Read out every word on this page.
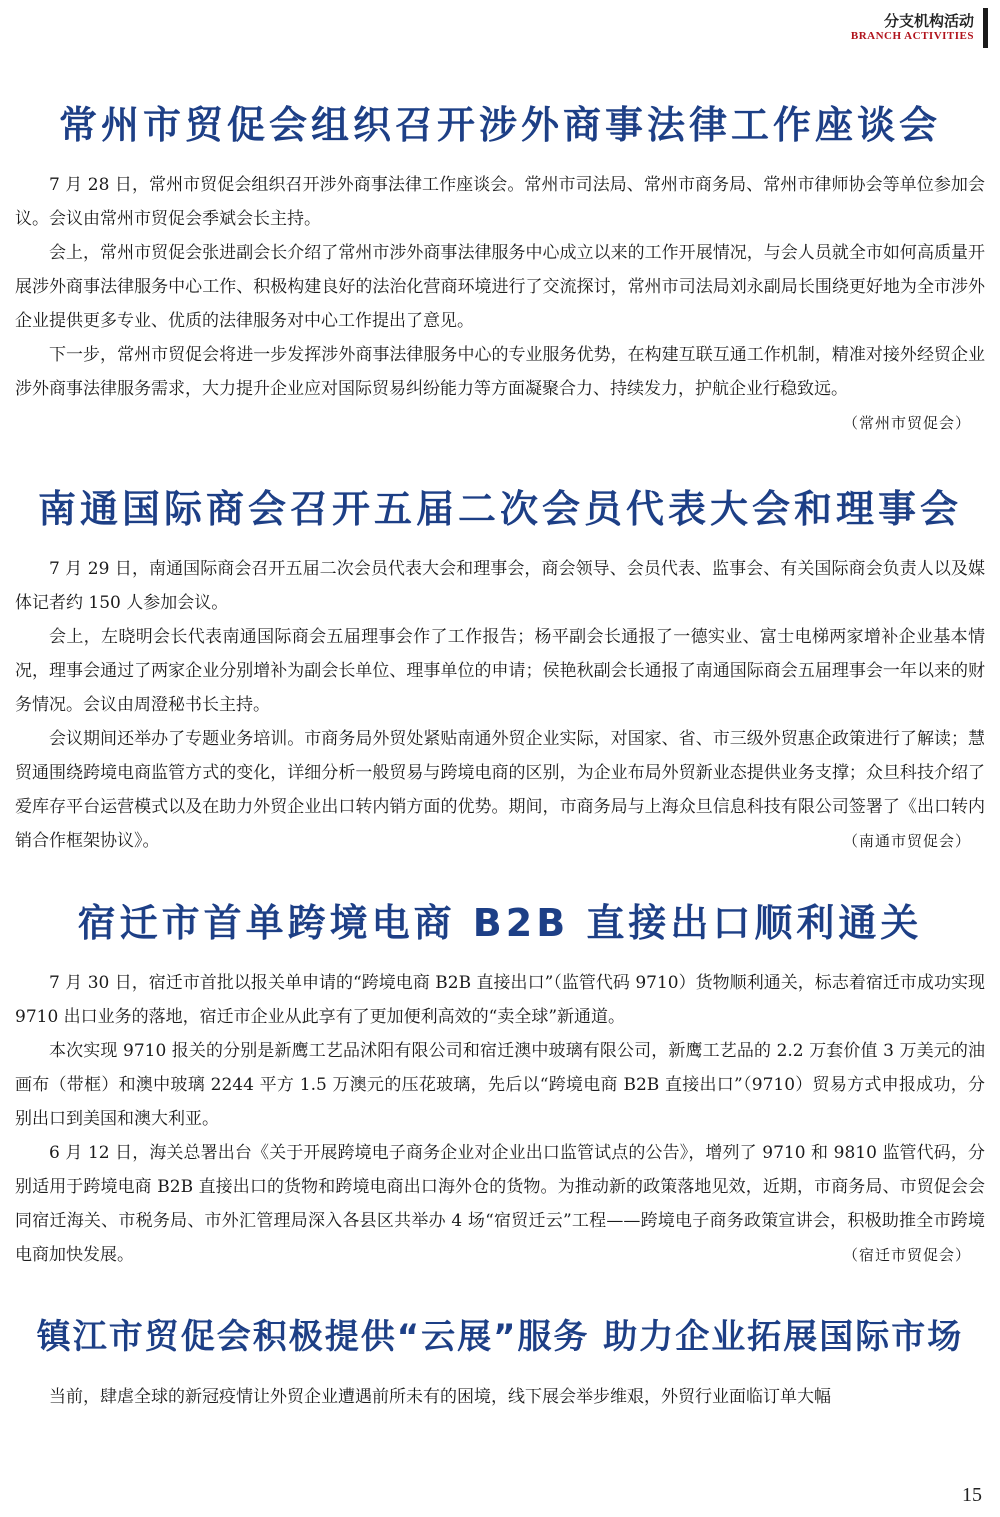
分支机构活动
BRANCH ACTIVITIES
常州市贸促会组织召开涉外商事法律工作座谈会

7 月 28 日，常州市贸促会组织召开涉外商事法律工作座谈会。常州市司法局、常州市商务局、常州市律师协会等单位参加会议。会议由常州市贸促会季斌会长主持。

会上，常州市贸促会张进副会长介绍了常州市涉外商事法律服务中心成立以来的工作开展情况，与会人员就全市如何高质量开展涉外商事法律服务中心工作、积极构建良好的法治化营商环境进行了交流探讨，常州市司法局刘永副局长围绕更好地为全市涉外企业提供更多专业、优质的法律服务对中心工作提出了意见。

下一步，常州市贸促会将进一步发挥涉外商事法律服务中心的专业服务优势，在构建互联互通工作机制，精准对接外经贸企业涉外商事法律服务需求，大力提升企业应对国际贸易纠纷能力等方面凝聚合力、持续发力，护航企业行稳致远。
（常州市贸促会）

南通国际商会召开五届二次会员代表大会和理事会

7 月 29 日，南通国际商会召开五届二次会员代表大会和理事会，商会领导、会员代表、监事会、有关国际商会负责人以及媒体记者约 150 人参加会议。

会上，左晓明会长代表南通国际商会五届理事会作了工作报告；杨平副会长通报了一德实业、富士电梯两家增补企业基本情况，理事会通过了两家企业分别增补为副会长单位、理事单位的申请；侯艳秋副会长通报了南通国际商会五届理事会一年以来的财务情况。会议由周澄秘书长主持。

会议期间还举办了专题业务培训。市商务局外贸处紧贴南通外贸企业实际，对国家、省、市三级外贸惠企政策进行了解读；慧贸通围绕跨境电商监管方式的变化，详细分析一般贸易与跨境电商的区别，为企业布局外贸新业态提供业务支撑；众旦科技介绍了爱库存平台运营模式以及在助力外贸企业出口转内销方面的优势。期间，市商务局与上海众旦信息科技有限公司签署了《出口转内销合作框架协议》。	（南通市贸促会）

宿迁市首单跨境电商 B2B 直接出口顺利通关

7 月 30 日，宿迁市首批以报关单申请的“跨境电商 B2B 直接出口”（监管代码 9710）货物顺利通关，标志着宿迁市成功实现 9710 出口业务的落地，宿迁市企业从此享有了更加便利高效的“卖全球”新通道。

本次实现 9710 报关的分别是新鹰工艺品沭阳有限公司和宿迁澳中玻璃有限公司，新鹰工艺品的 2.2 万套价值 3 万美元的油画布（带框）和澳中玻璃 2244 平方 1.5 万澳元的压花玻璃，先后以“跨境电商 B2B 直接出口”（9710）贸易方式申报成功，分别出口到美国和澳大利亚。

6 月 12 日，海关总署出台《关于开展跨境电子商务企业对企业出口监管试点的公告》，增列了 9710 和 9810 监管代码，分别适用于跨境电商 B2B 直接出口的货物和跨境电商出口海外仓的货物。为推动新的政策落地见效，近期，市商务局、市贸促会会同宿迁海关、市税务局、市外汇管理局深入各县区共举办 4 场“宿贸迁云”工程——跨境电子商务政策宣讲会，积极助推全市跨境电商加快发展。	（宿迁市贸促会）

镇江市贸促会积极提供“云展”服务 助力企业拓展国际市场

当前，肆虐全球的新冠疫情让外贸企业遭遇前所未有的困境，线下展会举步维艰，外贸行业面临订单大幅

15
